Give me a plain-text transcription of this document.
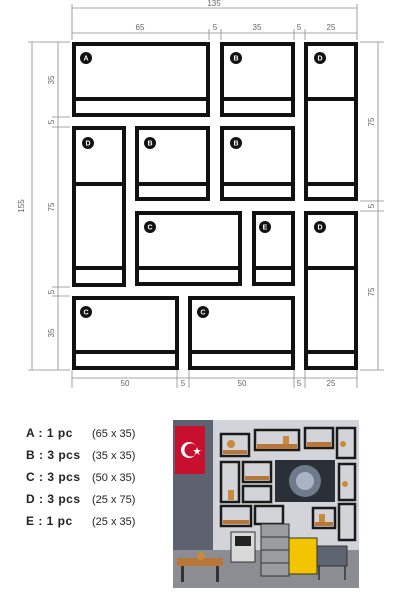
135
65	35	5	25
5
50	5	50	5	25
155
35
5
75
5
35
75
5
75
A	B	D
D	B	B
C	E	D
C	C
A : 1 pc (65 x 35)
B : 3 pcs (35 x 35)
C : 3 pcs (50 x 35)
D : 3 pcs (25 x 75)
E : 1 pc (25 x 35)
